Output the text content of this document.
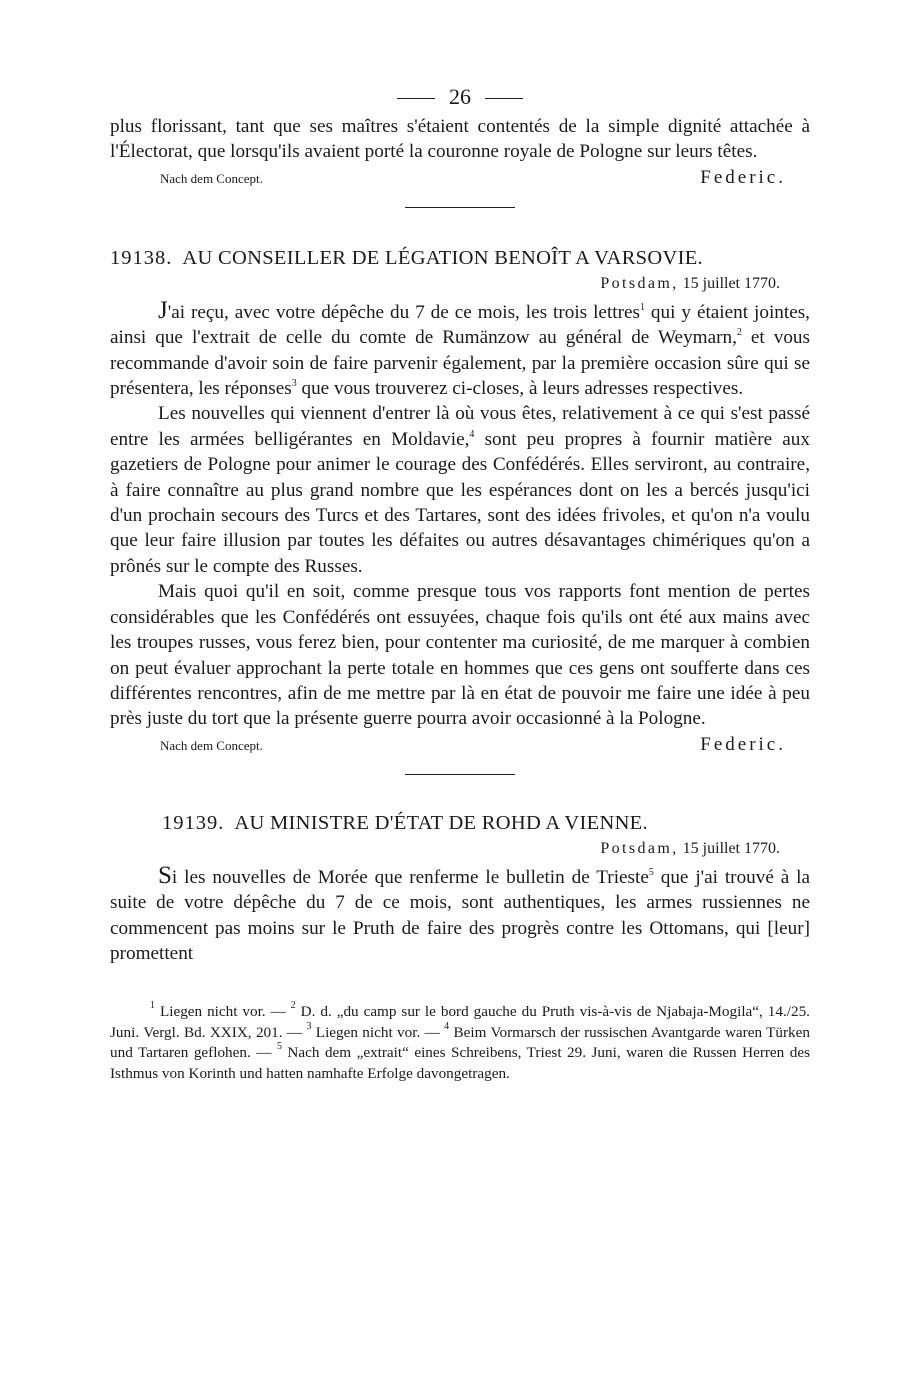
26

plus florissant, tant que ses maîtres s'étaient contentés de la simple dignité attachée à l'Électorat, que lorsqu'ils avaient porté la couronne royale de Pologne sur leurs têtes.

Nach dem Concept.	Federic.
19138. AU CONSEILLER DE LÉGATION BENOÎT A VARSOVIE.
Potsdam, 15 juillet 1770.

J'ai reçu, avec votre dépêche du 7 de ce mois, les trois lettres$^1$ qui y étaient jointes, ainsi que l'extrait de celle du comte de Rumänzow au général de Weymarn,$^2$ et vous recommande d'avoir soin de faire parvenir également, par la première occasion sûre qui se présentera, les réponses$^3$ que vous trouverez ci-closes, à leurs adresses respectives.

Les nouvelles qui viennent d'entrer là où vous êtes, relativement à ce qui s'est passé entre les armées belligérantes en Moldavie,$^4$ sont peu propres à fournir matière aux gazetiers de Pologne pour animer le courage des Confédérés. Elles serviront, au contraire, à faire connaître au plus grand nombre que les espérances dont on les a bercés jusqu'ici d'un prochain secours des Turcs et des Tartares, sont des idées frivoles, et qu'on n'a voulu que leur faire illusion par toutes les défaites ou autres désavantages chimériques qu'on a prônés sur le compte des Russes.

Mais quoi qu'il en soit, comme presque tous vos rapports font mention de pertes considérables que les Confédérés ont essuyées, chaque fois qu'ils ont été aux mains avec les troupes russes, vous ferez bien, pour contenter ma curiosité, de me marquer à combien on peut évaluer approchant la perte totale en hommes que ces gens ont soufferte dans ces différentes rencontres, afin de me mettre par là en état de pouvoir me faire une idée à peu près juste du tort que la présente guerre pourra avoir occasionné à la Pologne.

Nach dem Concept.	Federic.
19139. AU MINISTRE D'ÉTAT DE ROHD A VIENNE.
Potsdam, 15 juillet 1770.

Si les nouvelles de Morée que renferme le bulletin de Trieste$^5$ que j'ai trouvé à la suite de votre dépêche du 7 de ce mois, sont authentiques, les armes russiennes ne commencent pas moins sur le Pruth de faire des progrès contre les Ottomans, qui [leur] promettent

$^1$ Liegen nicht vor. — $^2$ D. d. „du camp sur le bord gauche du Pruth vis-à-vis de Njabaja-Mogila“, 14./25. Juni. Vergl. Bd. XXIX, 201. — $^3$ Liegen nicht vor. — $^4$ Beim Vormarsch der russischen Avantgarde waren Türken und Tartaren geflohen. — $^5$ Nach dem „extrait“ eines Schreibens, Triest 29. Juni, waren die Russen Herren des Isthmus von Korinth und hatten namhafte Erfolge davongetragen.
